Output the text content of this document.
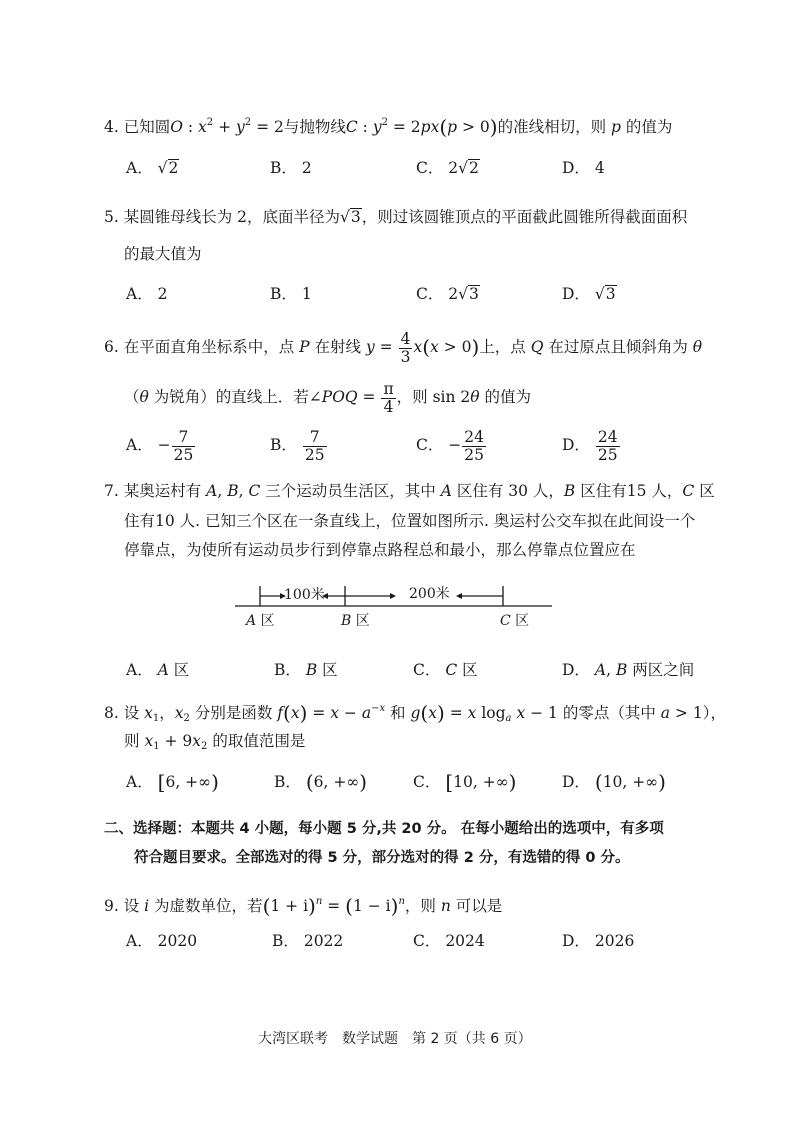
4. 已知圆O : $x^2 + y^2 = 2$与抛物线C : $y^2 = 2px(p > 0)$的准线相切，则 p 的值为
A． √2	B． 2	C． 2√2	D． 4
5. 某圆锥母线长为 2，底面半径为√3，则过该圆锥顶点的平面截此圆锥所得截面面积
的最大值为
A． 2	B． 1	C． 2√3	D． √3
6. 在平面直角坐标系中，点 P 在射线 $y = \frac{4}{3} x(x > 0)$上，点 Q 在过原点且倾斜角为 θ
（θ 为锐角）的直线上．若∠POQ = $\frac{\pi}{4}$ ，则 sin 2θ 的值为
A． − $\frac{7}{25}$	B． $\frac{7}{25}$	C． − $\frac{24}{25}$	D． $\frac{24}{25}$
7. 某奥运村有 A, B, C 三个运动员生活区，其中 A 区住有 30 人，B 区住有15 人，C 区
住有10 人. 已知三个区在一条直线上，位置如图所示. 奥运村公交车拟在此间设一个
停靠点，为使所有运动员步行到停靠点路程总和最小，那么停靠点位置应在
100米	200米
A 区	B 区	C 区
A． A 区	B． B 区	C． C 区	D． A, B 两区之间
8. 设 $x_1$，$x_2$ 分别是函数 $f(x) = x - a^{-x}$ 和 g(x) = x $\log_a x - 1$ 的零点（其中 a > 1），
则 $x_1 + 9x_2$ 的取值范围是
A． [6, +∞)	B． (6, +∞)	C． [10, +∞)	D． (10, +∞)
二、选择题：本题共 4 小题，每小题 5 分,共 20 分。 在每小题给出的选项中，有多项
符合题目要求。全部选对的得 5 分，部分选对的得 2 分，有选错的得 0 分。
9. 设 i 为虚数单位，若$(1 + i)^n = (1 - i)^n$，则 n 可以是
A． 2020	B． 2022	C． 2024	D． 2026
大湾区联考　数学试题　第 2 页（共 6 页）
